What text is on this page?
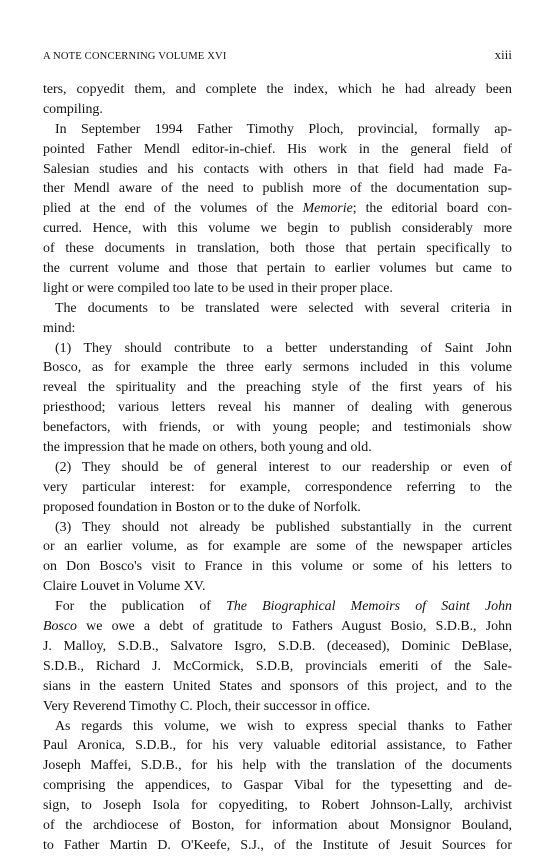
A NOTE CONCERNING VOLUME XVI	xiii
ters, copyedit them, and complete the index, which he had already been
compiling.
In September 1994 Father Timothy Ploch, provincial, formally ap-
pointed Father Mendl editor-in-chief. His work in the general field of
Salesian studies and his contacts with others in that field had made Fa-
ther Mendl aware of the need to publish more of the documentation sup-
plied at the end of the volumes of the Memorie; the editorial board con-
curred. Hence, with this volume we begin to publish considerably more
of these documents in translation, both those that pertain specifically to
the current volume and those that pertain to earlier volumes but came to
light or were compiled too late to be used in their proper place.
The documents to be translated were selected with several criteria in
mind:
(1) They should contribute to a better understanding of Saint John
Bosco, as for example the three early sermons included in this volume
reveal the spirituality and the preaching style of the first years of his
priesthood; various letters reveal his manner of dealing with generous
benefactors, with friends, or with young people; and testimonials show
the impression that he made on others, both young and old.
(2) They should be of general interest to our readership or even of
very particular interest: for example, correspondence referring to the
proposed foundation in Boston or to the duke of Norfolk.
(3) They should not already be published substantially in the current
or an earlier volume, as for example are some of the newspaper articles
on Don Bosco's visit to France in this volume or some of his letters to
Claire Louvet in Volume XV.
For the publication of The Biographical Memoirs of Saint John
Bosco we owe a debt of gratitude to Fathers August Bosio, S.D.B., John
J. Malloy, S.D.B., Salvatore Isgro, S.D.B. (deceased), Dominic DeBlase,
S.D.B., Richard J. McCormick, S.D.B, provincials emeriti of the Sale-
sians in the eastern United States and sponsors of this project, and to the
Very Reverend Timothy C. Ploch, their successor in office.
As regards this volume, we wish to express special thanks to Father
Paul Aronica, S.D.B., for his very valuable editorial assistance, to Father
Joseph Maffei, S.D.B., for his help with the translation of the documents
comprising the appendices, to Gaspar Vibal for the typesetting and de-
sign, to Joseph Isola for copyediting, to Robert Johnson-Lally, archivist
of the archdiocese of Boston, for information about Monsignor Bouland,
to Father Martin D. O'Keefe, S.J., of the Institute of Jesuit Sources for
